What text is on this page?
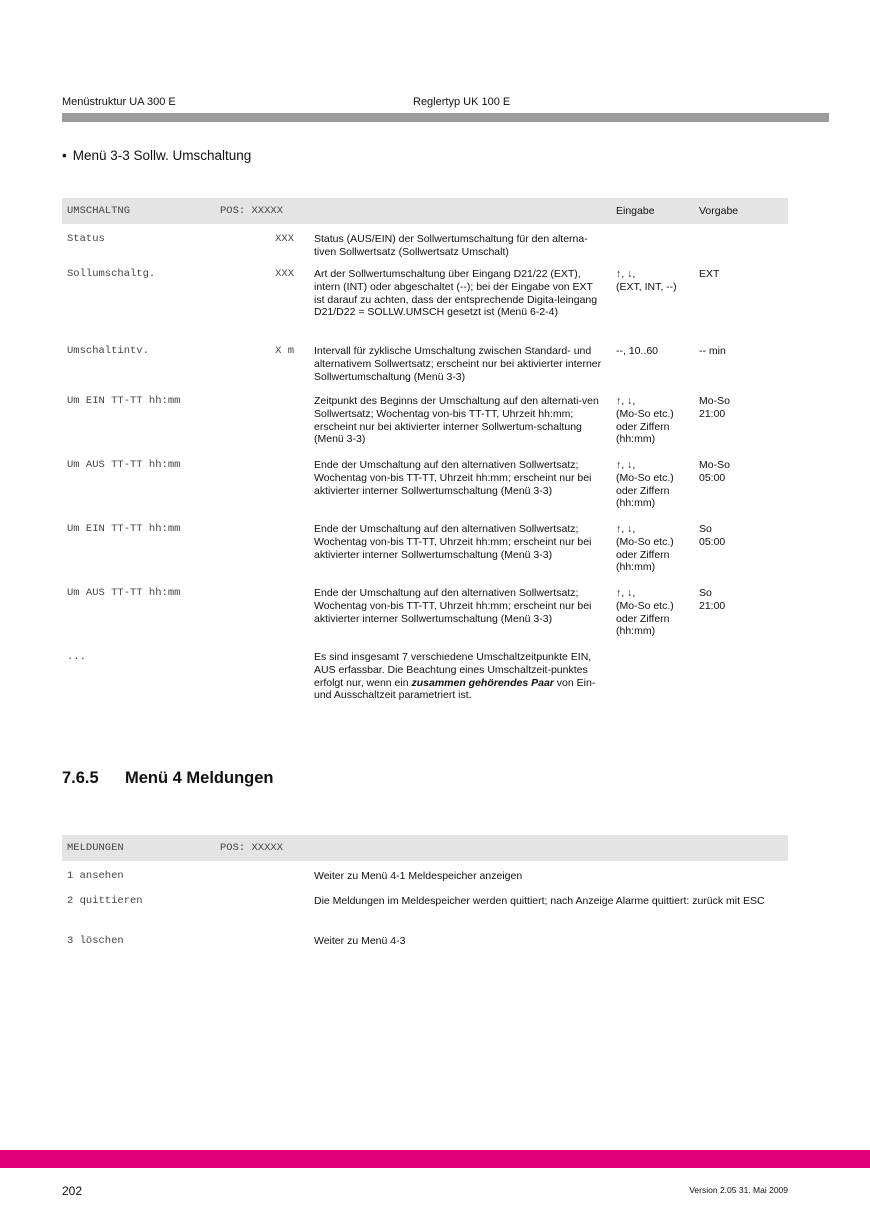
Menüstruktur UA 300 E	Reglertyp UK 100 E
• Menü 3-3 Sollw. Umschaltung
UMSCHALTNG	POS: XXXXX		Eingabe	Vorgabe
Status	XXX	Status (AUS/EIN) der Sollwertumschaltung für den alterna-tiven Sollwertsatz (Sollwertsatz Umschalt)		
Sollumschaltg.	XXX	Art der Sollwertumschaltung über Eingang D21/22 (EXT), intern (INT) oder abgeschaltet (--); bei der Eingabe von EXT ist darauf zu achten, dass der entsprechende Digita-leingang D21/D22 = SOLLW.UMSCH gesetzt ist (Menü 6-2-4)	↑, ↓,
(EXT, INT, --)	EXT
Umschaltintv.	X m	Intervall für zyklische Umschaltung zwischen Standard- und alternativem Sollwertsatz; erscheint nur bei aktivierter interner Sollwertumschaltung (Menü 3-3)	--, 10..60	-- min
Um EIN TT-TT hh:mm		Zeitpunkt des Beginns der Umschaltung auf den alternati-ven Sollwertsatz; Wochentag von-bis TT-TT, Uhrzeit hh:mm; erscheint nur bei aktivierter interner Sollwertum-schaltung (Menü 3-3)	↑, ↓,
(Mo-So etc.)
oder Ziffern
(hh:mm)	Mo-So
21:00
Um AUS TT-TT hh:mm		Ende der Umschaltung auf den alternativen Sollwertsatz; Wochentag von-bis TT-TT, Uhrzeit hh:mm; erscheint nur bei aktivierter interner Sollwertumschaltung (Menü 3-3)	↑, ↓,
(Mo-So etc.)
oder Ziffern
(hh:mm)	Mo-So
05:00
Um EIN TT-TT hh:mm		Ende der Umschaltung auf den alternativen Sollwertsatz; Wochentag von-bis TT-TT, Uhrzeit hh:mm; erscheint nur bei aktivierter interner Sollwertumschaltung (Menü 3-3)	↑, ↓,
(Mo-So etc.)
oder Ziffern
(hh:mm)	So
05:00
Um AUS TT-TT hh:mm		Ende der Umschaltung auf den alternativen Sollwertsatz; Wochentag von-bis TT-TT, Uhrzeit hh:mm; erscheint nur bei aktivierter interner Sollwertumschaltung (Menü 3-3)	↑, ↓,
(Mo-So etc.)
oder Ziffern
(hh:mm)	So
21:00
...		Es sind insgesamt 7 verschiedene Umschaltzeitpunkte EIN, AUS erfassbar. Die Beachtung eines Umschaltzeit-punktes erfolgt nur, wenn ein zusammen gehörendes Paar von Ein- und Ausschaltzeit parametriert ist.		
7.6.5 Menü 4 Meldungen
MELDUNGEN	POS: XXXXX	
1 ansehen		Weiter zu Menü 4-1 Meldespeicher anzeigen
2 quittieren		Die Meldungen im Meldespeicher werden quittiert; nach Anzeige Alarme quittiert: zurück mit ESC
3 löschen		Weiter zu Menü 4-3
202	Version 2.05 31. Mai 2009
